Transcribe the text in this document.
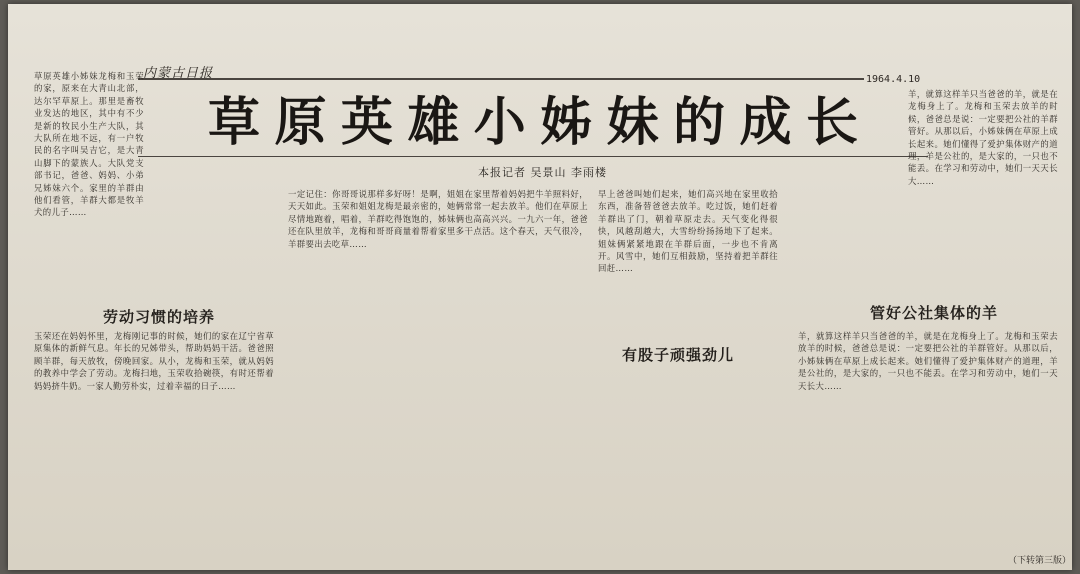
内蒙古日报	1964.4.10
草 原 英 雄 小 姊 妹 的 成 长
本报记者 吴景山 李雨楼
草原英雄小姊妹龙梅和玉荣的家，原来在大青山北部，达尔罕草原上。那里是畜牧业发达的地区，其中有不少是新的牧民小生产大队，其大队所在地不远，有一户牧民的名字叫吴吉它，是大青山脚下的蒙族人。大队党支部书记，爸爸、妈妈、小弟兄姊妹六个。家里的羊群由他们看管，羊群大都是牧羊犬的儿子……
劳动习惯的培养
玉荣还在妈妈怀里，龙梅刚记事的时候，她们的家在辽宁省草原集体的新鲜气息。年长的兄姊带头，帮助妈妈干活。爸爸照顾羊群，每天放牧，傍晚回家。从小，龙梅和玉荣，就从妈妈的教养中学会了劳动。龙梅扫地，玉荣收拾碗筷，有时还帮着妈妈挤牛奶。一家人勤劳朴实，过着幸福的日子……
一定记住：你哥哥说那样多好呀！是啊，姐姐在家里帮着妈妈把牛羊照料好，天天如此。玉荣和姐姐龙梅是最亲密的，她俩常常一起去放羊。他们在草原上尽情地跑着，唱着，羊群吃得饱饱的，姊妹俩也高高兴兴。一九六一年，爸爸还在队里放羊，龙梅和哥哥商量着帮着家里多干点活。这个春天，天气很冷，羊群要出去吃草……
有股子顽强劲儿
早上爸爸叫她们起来，她们高兴地在家里收拾东西，准备替爸爸去放羊。吃过饭，她们赶着羊群出了门，朝着草原走去。天气变化得很快，风越刮越大，大雪纷纷扬扬地下了起来。姐妹俩紧紧地跟在羊群后面，一步也不肯离开。风雪中，她们互相鼓励，坚持着把羊群往回赶……
羊，就算这样羊只当爸爸的羊，就是在龙梅身上了。龙梅和玉荣去放羊的时候，爸爸总是说：一定要把公社的羊群管好。从那以后，小姊妹俩在草原上成长起来。她们懂得了爱护集体财产的道理，羊是公社的，是大家的，一只也不能丢。在学习和劳动中，她们一天天长大……
管好公社集体的羊
羊，就算这样羊只当爸爸的羊，就是在龙梅身上了。龙梅和玉荣去放羊的时候，爸爸总是说：一定要把公社的羊群管好。从那以后，小姊妹俩在草原上成长起来。她们懂得了爱护集体财产的道理，羊是公社的，是大家的，一只也不能丢。在学习和劳动中，她们一天天长大……
（下转第三版）
